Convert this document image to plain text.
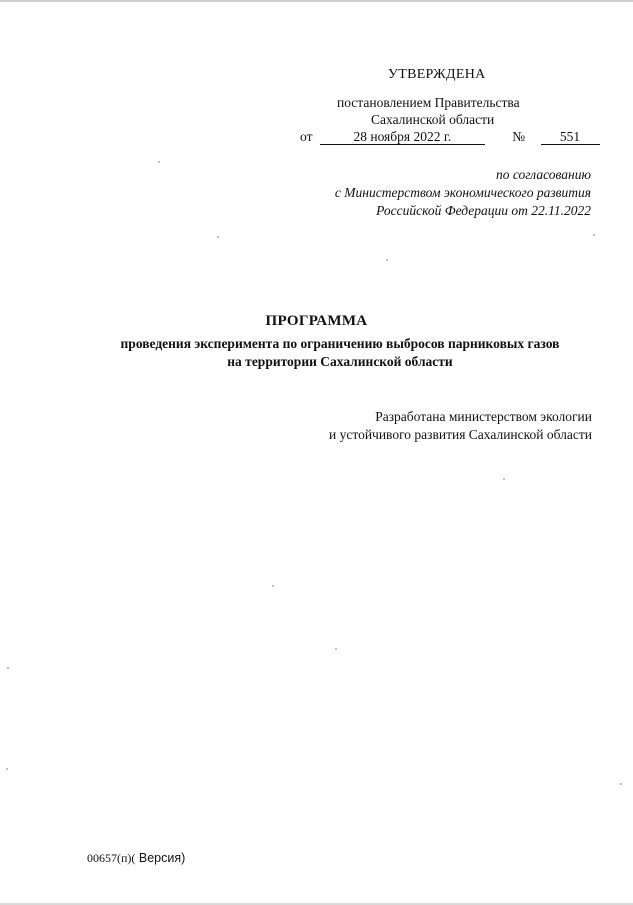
УТВЕРЖДЕНА
постановлением Правительства
Сахалинской области
от	28 ноября 2022 г.	№	551
по согласованию
с Министерством экономического развития
Российской Федерации от 22.11.2022
ПРОГРАММА
проведения эксперимента по ограничению выбросов парниковых газов
на территории Сахалинской области
Разработана министерством экологии
и устойчивого развития Сахалинской области
00657(п)( Версия)
